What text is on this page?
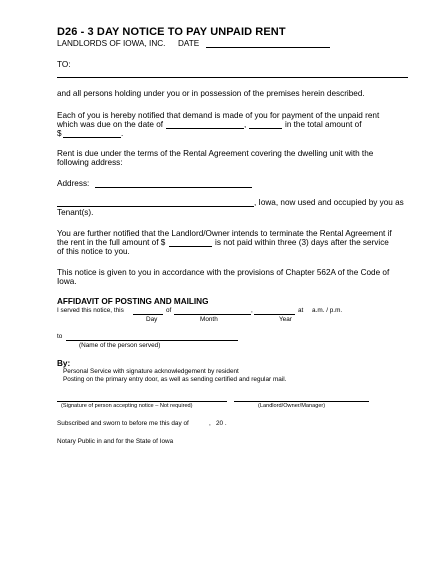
D26 - 3 DAY NOTICE TO PAY UNPAID RENT
LANDLORDS OF IOWA, INC. DATE
TO:
and all persons holding under you or in possession of the premises herein described.
Each of you is hereby notified that demand is made of you for payment of the unpaid rent
which was due on the date of	,	in the total amount of
$	.
Rent is due under the terms of the Rental Agreement covering the dwelling unit with the
following address:
Address:
, Iowa, now used and occupied by you as
Tenant(s).
You are further notified that the Landlord/Owner intends to terminate the Rental Agreement if
the rent in the full amount of $	is not paid within three (3) days after the service
of this notice to you.
This notice is given to you in accordance with the provisions of Chapter 562A of the Code of
Iowa.
AFFIDAVIT OF POSTING AND MAILING
I served this notice, this	of	,	at a.m. / p.m.
Day	Month	Year
to
(Name of the person served)
By:
Personal Service with signature acknowledgement by resident
Posting on the primary entry door, as well as sending certified and regular mail.
(Signature of person accepting notice – Not required)	(Landlord/Owner/Manager)
Subscribed and sworn to before me this day of	, 20 .
Notary Public in and for the State of Iowa
